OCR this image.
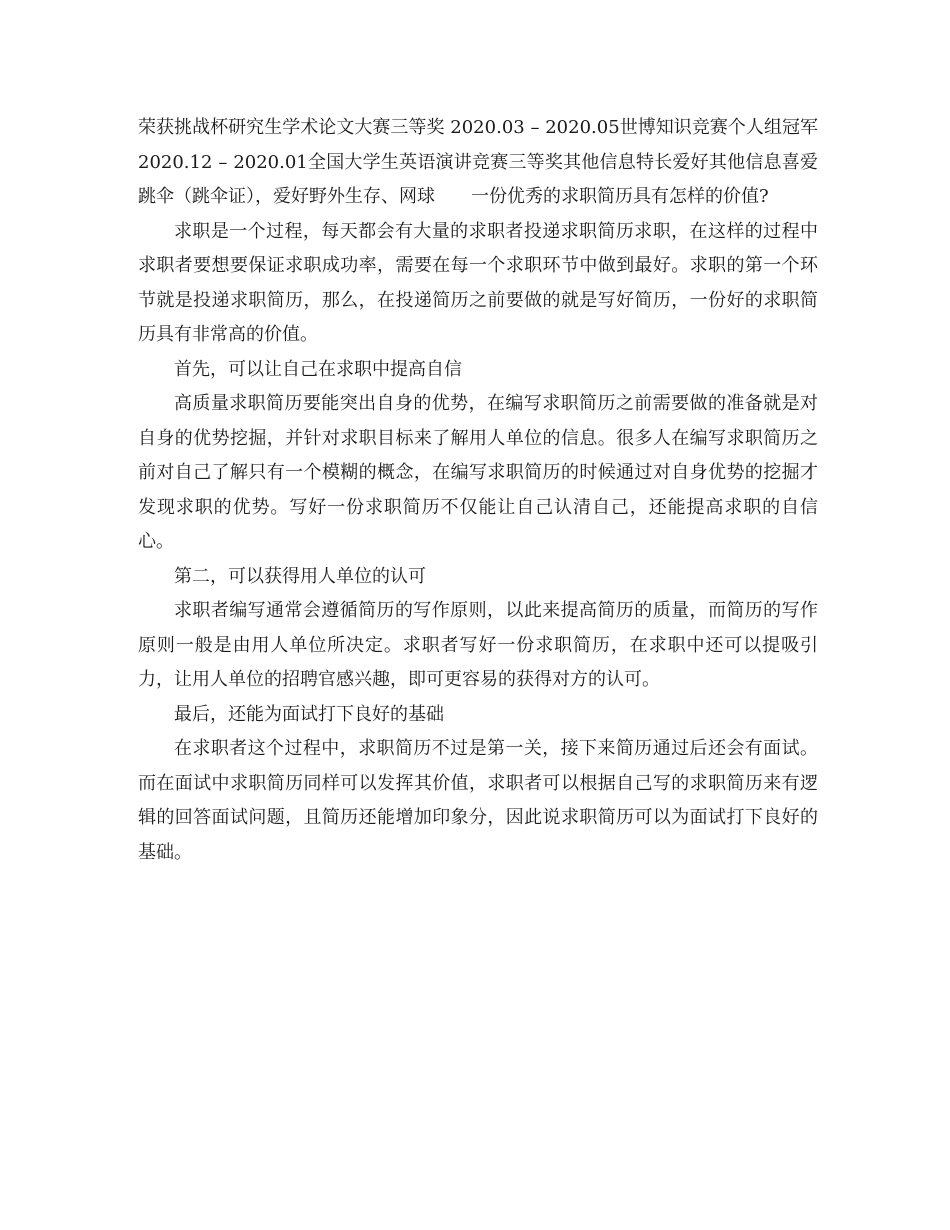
荣获挑战杯研究生学术论文大赛三等奖 2020.03 – 2020.05世博知识竞赛个人组冠军2020.12 – 2020.01全国大学生英语演讲竞赛三等奖其他信息特长爱好其他信息喜爱跳伞（跳伞证），爱好野外生存、网球　　一份优秀的求职简历具有怎样的价值?

求职是一个过程，每天都会有大量的求职者投递求职简历求职，在这样的过程中求职者要想要保证求职成功率，需要在每一个求职环节中做到最好。求职的第一个环节就是投递求职简历，那么，在投递简历之前要做的就是写好简历，一份好的求职简历具有非常高的价值。

首先，可以让自己在求职中提高自信

高质量求职简历要能突出自身的优势，在编写求职简历之前需要做的准备就是对自身的优势挖掘，并针对求职目标来了解用人单位的信息。很多人在编写求职简历之前对自己了解只有一个模糊的概念，在编写求职简历的时候通过对自身优势的挖掘才发现求职的优势。写好一份求职简历不仅能让自己认清自己，还能提高求职的自信心。

第二，可以获得用人单位的认可

求职者编写通常会遵循简历的写作原则，以此来提高简历的质量，而简历的写作原则一般是由用人单位所决定。求职者写好一份求职简历，在求职中还可以提吸引力，让用人单位的招聘官感兴趣，即可更容易的获得对方的认可。

最后，还能为面试打下良好的基础

在求职者这个过程中，求职简历不过是第一关，接下来简历通过后还会有面试。而在面试中求职简历同样可以发挥其价值，求职者可以根据自己写的求职简历来有逻辑的回答面试问题，且简历还能增加印象分，因此说求职简历可以为面试打下良好的基础。
